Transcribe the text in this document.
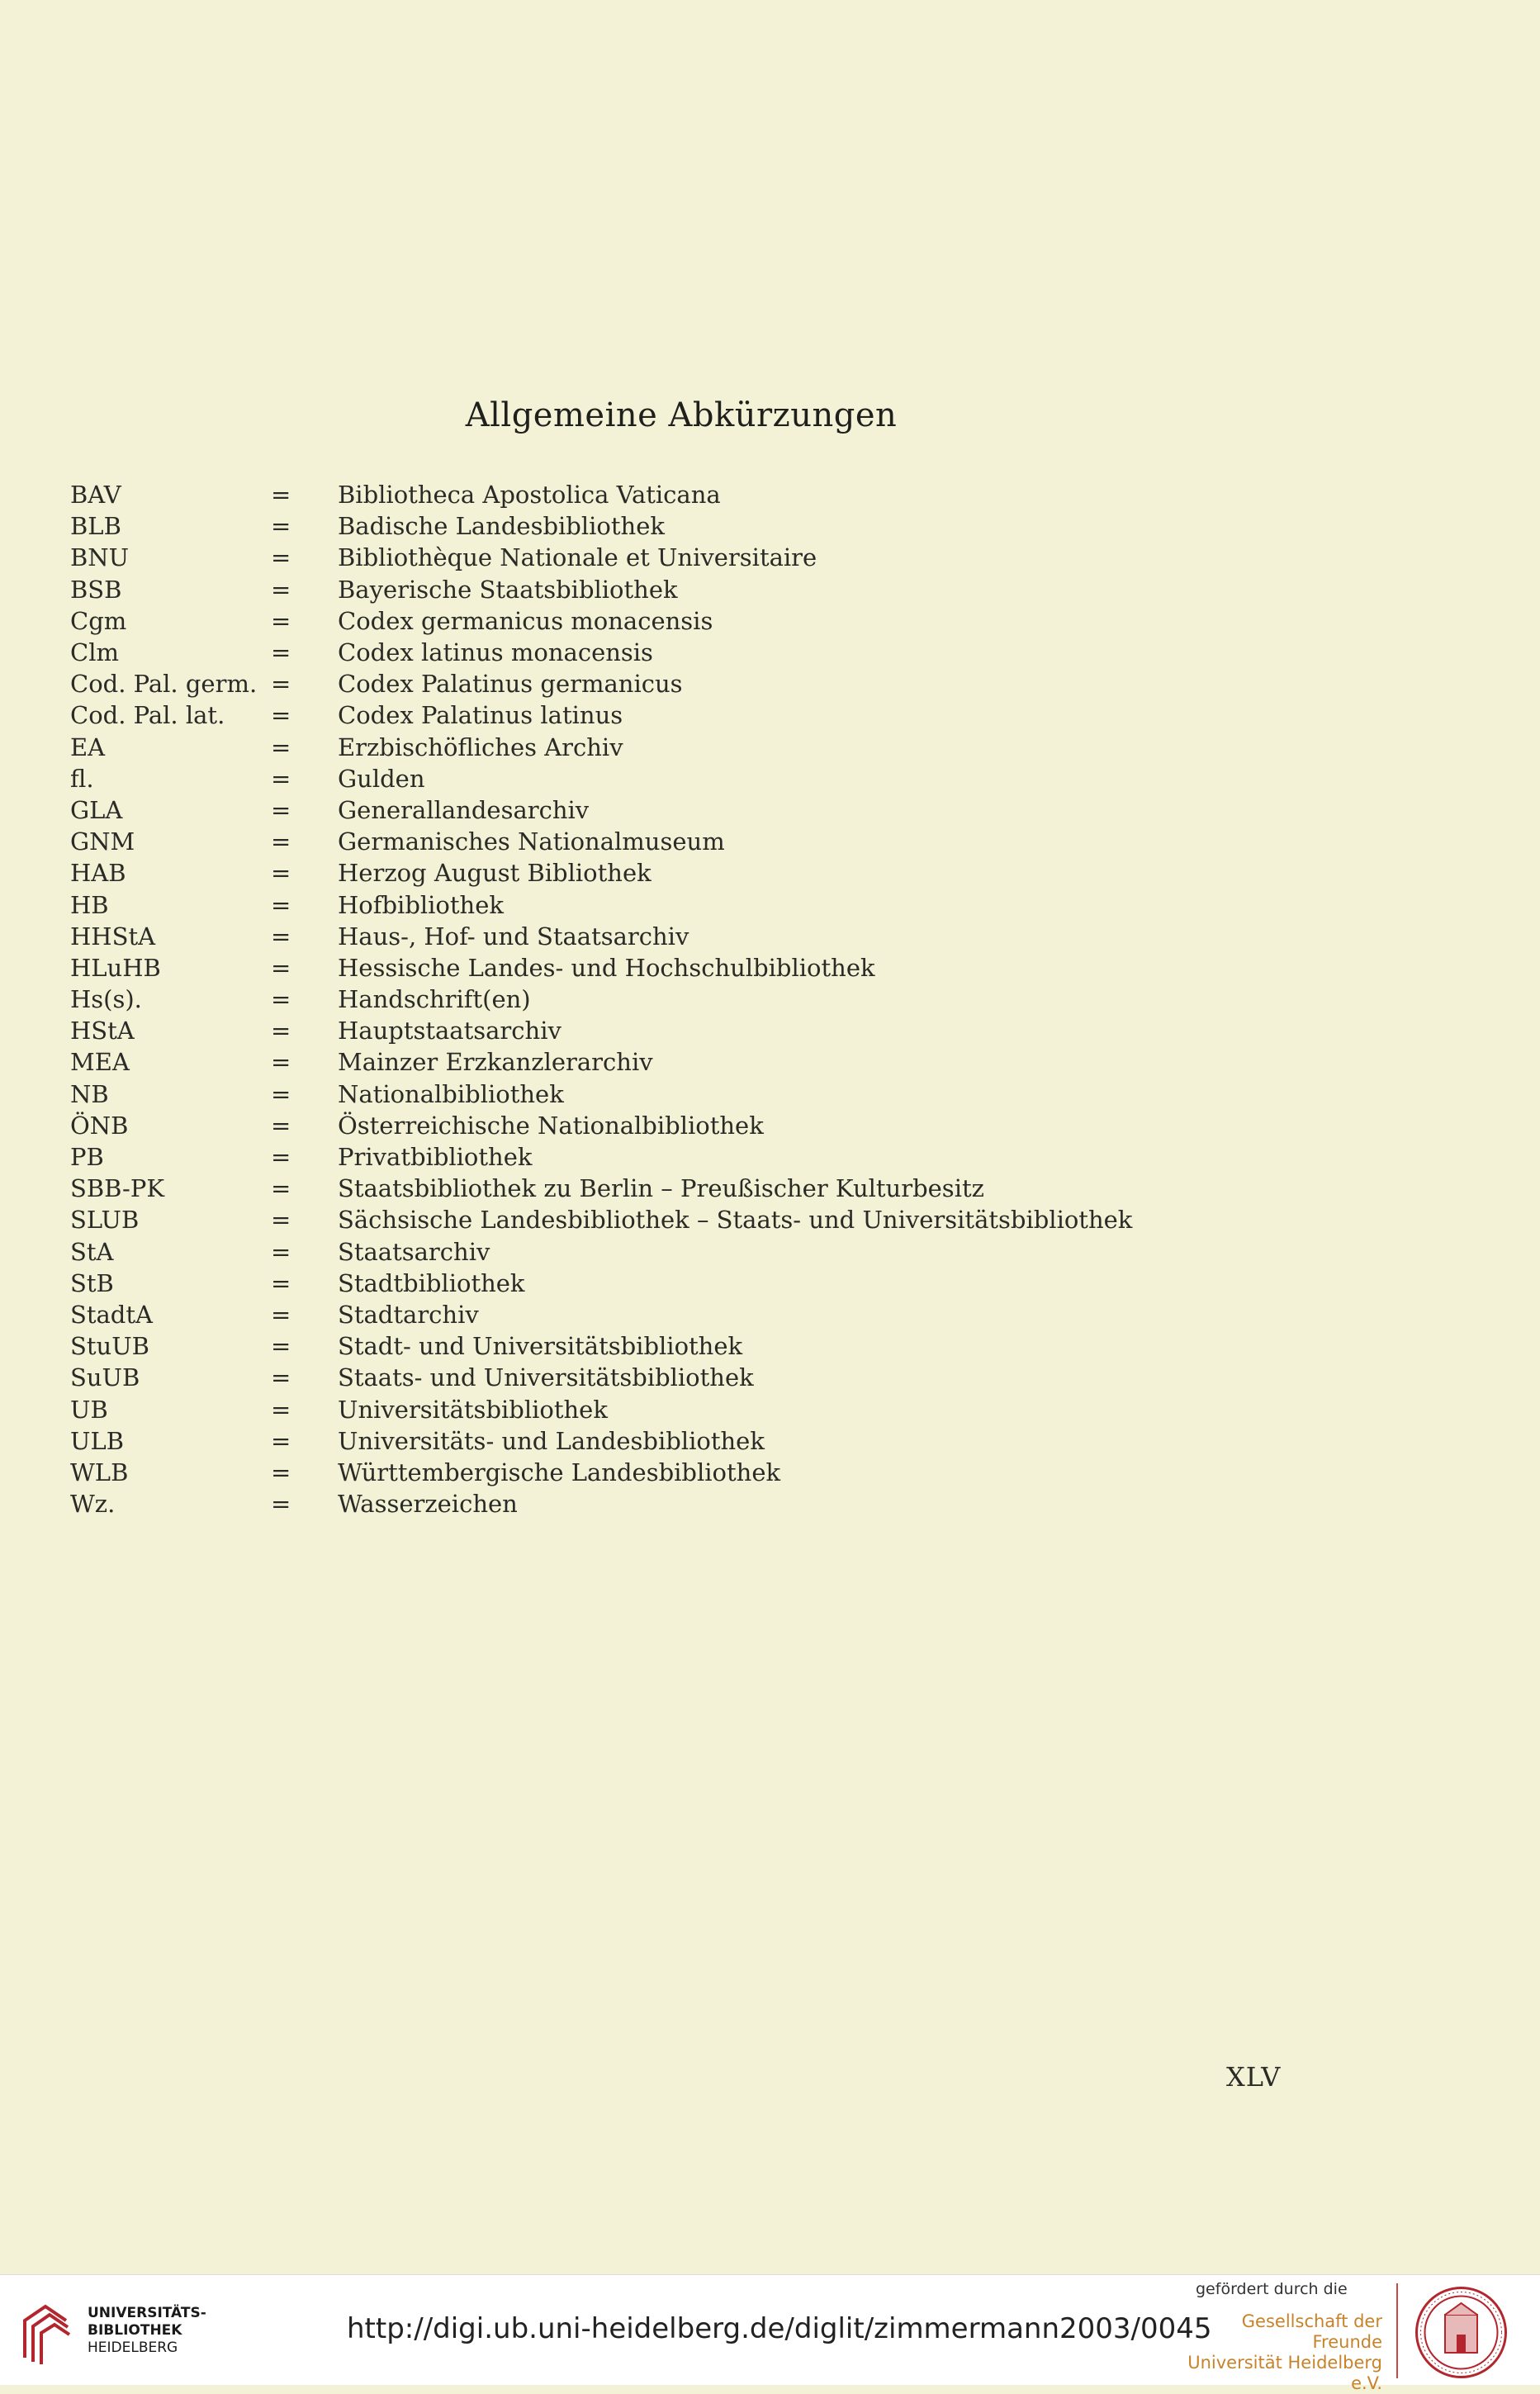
Allgemeine Abkürzungen
BAV	=	Bibliotheca Apostolica Vaticana
BLB	=	Badische Landesbibliothek
BNU	=	Bibliothèque Nationale et Universitaire
BSB	=	Bayerische Staatsbibliothek
Cgm	=	Codex germanicus monacensis
Clm	=	Codex latinus monacensis
Cod. Pal. germ. =	Codex Palatinus germanicus
Cod. Pal. lat.	=	Codex Palatinus latinus
EA	=	Erzbischöfliches Archiv
fl.	=	Gulden
GLA	=	Generallandesarchiv
GNM	=	Germanisches Nationalmuseum
HAB	=	Herzog August Bibliothek
HB	=	Hofbibliothek
HHStA	=	Haus-, Hof- und Staatsarchiv
HLuHB	=	Hessische Landes- und Hochschulbibliothek
Hs(s).	=	Handschrift(en)
HStA	=	Hauptstaatsarchiv
MEA	=	Mainzer Erzkanzlerarchiv
NB	=	Nationalbibliothek
ÖNB	=	Österreichische Nationalbibliothek
PB	=	Privatbibliothek
SBB-PK	=	Staatsbibliothek zu Berlin – Preußischer Kulturbesitz
SLUB	=	Sächsische Landesbibliothek – Staats- und Universitätsbibliothek
StA	=	Staatsarchiv
StB	=	Stadtbibliothek
StadtA	=	Stadtarchiv
StuUB	=	Stadt- und Universitätsbibliothek
SuUB	=	Staats- und Universitätsbibliothek
UB	=	Universitätsbibliothek
ULB	=	Universitäts- und Landesbibliothek
WLB	=	Württembergische Landesbibliothek
Wz.	=	Wasserzeichen
XLV
UNIVERSITÄTS-
BIBLIOTHEK
HEIDELBERG
http://digi.ub.uni-heidelberg.de/diglit/zimmermann2003/0045
gefördert durch die
Gesellschaft der Freunde
Universität Heidelberg e.V.
